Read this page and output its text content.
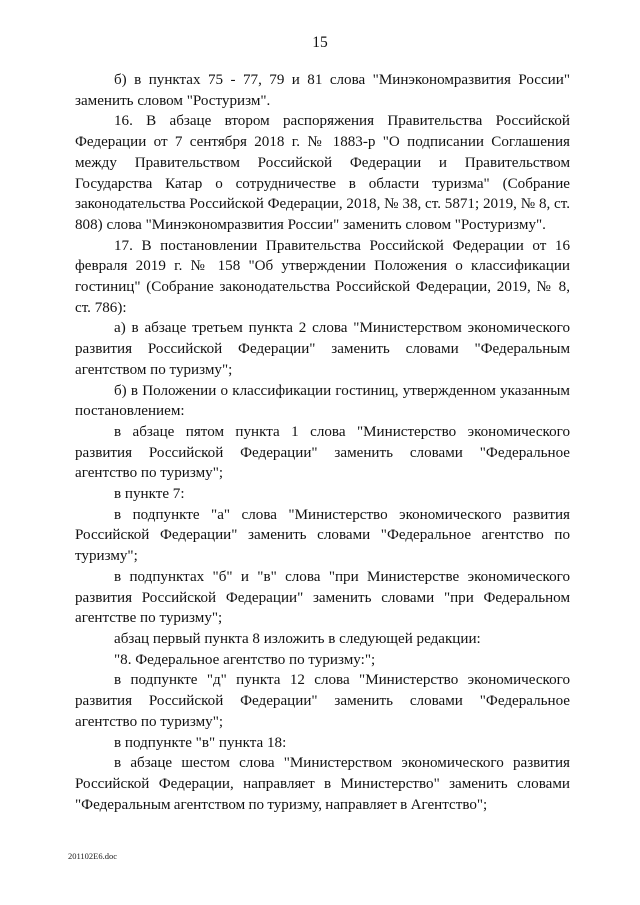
15

б) в пунктах 75 - 77, 79 и 81 слова "Минэкономразвития России" заменить словом "Ростуризм".

16. В абзаце втором распоряжения Правительства Российской Федерации от 7 сентября 2018 г. № 1883-р "О подписании Соглашения между Правительством Российской Федерации и Правительством Государства Катар о сотрудничестве в области туризма" (Собрание законодательства Российской Федерации, 2018, № 38, ст. 5871; 2019, № 8, ст. 808) слова "Минэкономразвития России" заменить словом "Ростуризму".

17. В постановлении Правительства Российской Федерации от 16 февраля 2019 г. № 158 "Об утверждении Положения о классификации гостиниц" (Собрание законодательства Российской Федерации, 2019, № 8, ст. 786):

а) в абзаце третьем пункта 2 слова "Министерством экономического развития Российской Федерации" заменить словами "Федеральным агентством по туризму";

б) в Положении о классификации гостиниц, утвержденном указанным постановлением:

в абзаце пятом пункта 1 слова "Министерство экономического развития Российской Федерации" заменить словами "Федеральное агентство по туризму";

в пункте 7:

в подпункте "а" слова "Министерство экономического развития Российской Федерации" заменить словами "Федеральное агентство по туризму";

в подпунктах "б" и "в" слова "при Министерстве экономического развития Российской Федерации" заменить словами "при Федеральном агентстве по туризму";

абзац первый пункта 8 изложить в следующей редакции:

"8. Федеральное агентство по туризму:";

в подпункте "д" пункта 12 слова "Министерство экономического развития Российской Федерации" заменить словами "Федеральное агентство по туризму";

в подпункте "в" пункта 18:

в абзаце шестом слова "Министерством экономического развития Российской Федерации, направляет в Министерство" заменить словами "Федеральным агентством по туризму, направляет в Агентство";

201102E6.doc
